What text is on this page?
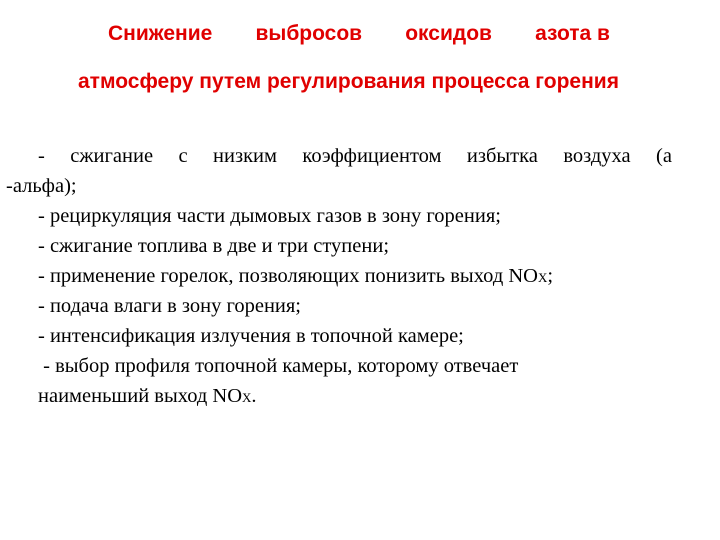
Снижение выбросов оксидов азота в
атмосферу путем регулирования процесса горения
- сжигание с низким коэффициентом избытка воздуха (а
-альфа);
- рециркуляция части дымовых газов в зону горения;
- сжигание топлива в две и три ступени;
- применение горелок, позволяющих понизить выход NOX;
- подача влаги в зону горения;
- интенсификация излучения в топочной камере;
- выбор профиля топочной камеры, которому отвечает
наименьший выход NOX.
